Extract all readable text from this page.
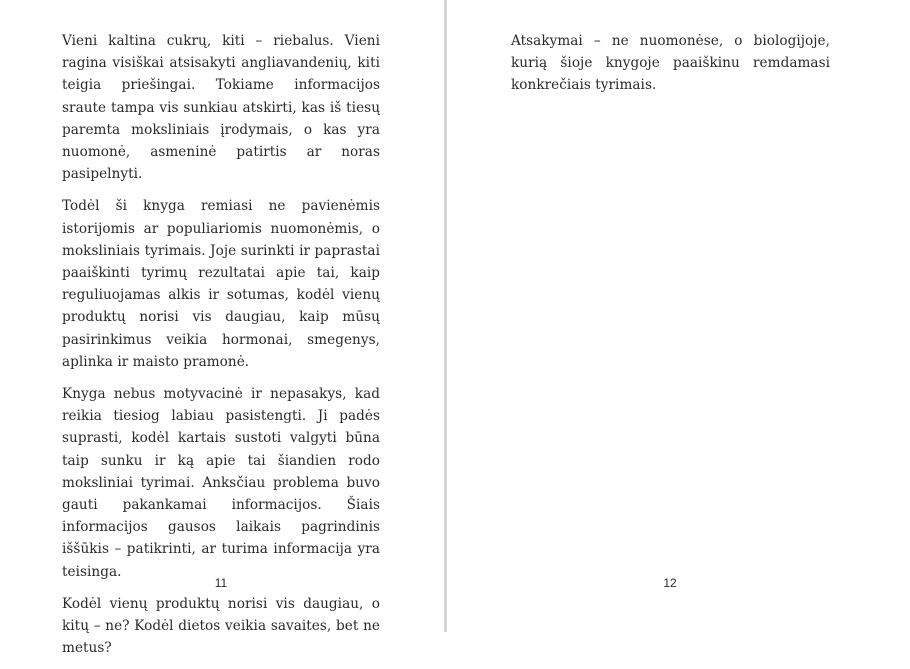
Vieni kaltina cukrų, kiti – riebalus. Vieni ragina visiškai atsisakyti angliavandenių, kiti teigia priešingai. Tokiame informacijos sraute tampa vis sunkiau atskirti, kas iš tiesų paremta moksliniais įrodymais, o kas yra nuomonė, asmeninė patirtis ar noras pasipelnyti.

Todėl ši knyga remiasi ne pavienėmis istorijomis ar populiariomis nuomonėmis, o moksliniais tyrimais. Joje surinkti ir paprastai paaiškinti tyrimų rezultatai apie tai, kaip reguliuojamas alkis ir sotumas, kodėl vienų produktų norisi vis daugiau, kaip mūsų pasirinkimus veikia hormonai, smegenys, aplinka ir maisto pramonė.

Knyga nebus motyvacinė ir nepasakys, kad reikia tiesiog labiau pasistengti. Ji padės suprasti, kodėl kartais sustoti valgyti būna taip sunku ir ką apie tai šiandien rodo moksliniai tyrimai. Anksčiau problema buvo gauti pakankamai informacijos. Šiais informacijos gausos laikais pagrindinis iššūkis – patikrinti, ar turima informacija yra teisinga.

Kodėl vienų produktų norisi vis daugiau, o kitų – ne? Kodėl dietos veikia savaites, bet ne metus?

11

Atsakymai – ne nuomonėse, o biologijoje, kurią šioje knygoje paaiškinu remdamasi konkrečiais tyrimais.

12
